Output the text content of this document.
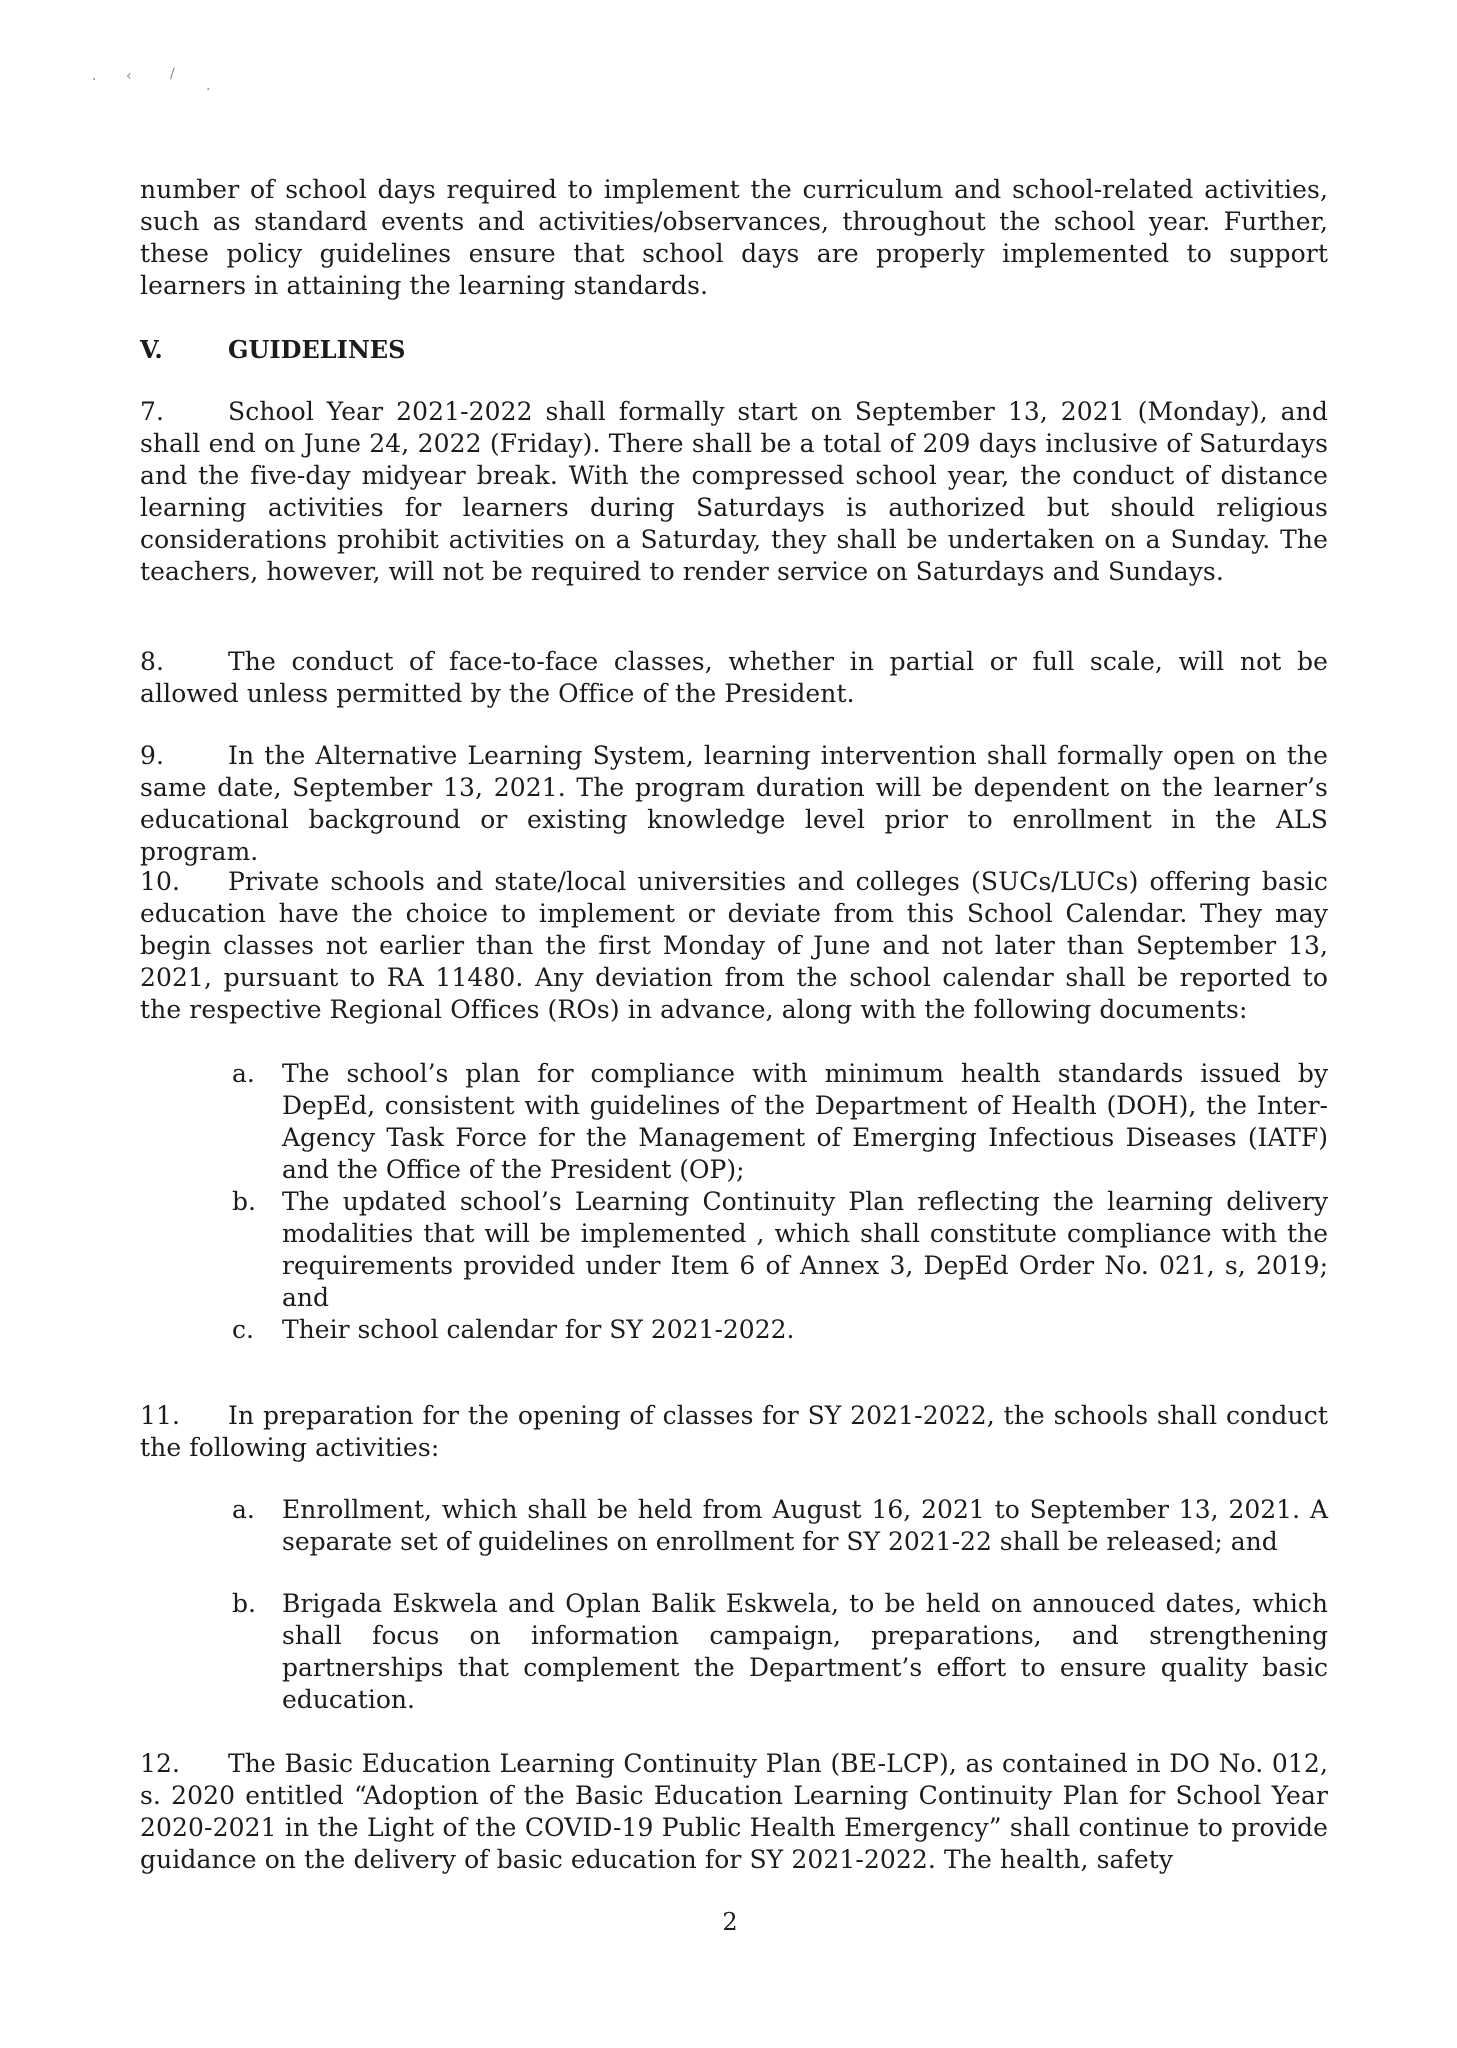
· ‹	/
.

number of school days required to implement the curriculum and school-related activities, such as standard events and activities/observances, throughout the school year. Further, these policy guidelines ensure that school days are properly implemented to support learners in attaining the learning standards.

V.	GUIDELINES

7.	School Year 2021-2022 shall formally start on September 13, 2021 (Monday), and shall end on June 24, 2022 (Friday). There shall be a total of 209 days inclusive of Saturdays and the five-day midyear break. With the compressed school year, the conduct of distance learning activities for learners during Saturdays is authorized but should religious considerations prohibit activities on a Saturday, they shall be undertaken on a Sunday. The teachers, however, will not be required to render service on Saturdays and Sundays.

8.	The conduct of face-to-face classes, whether in partial or full scale, will not be allowed unless permitted by the Office of the President.

9.	In the Alternative Learning System, learning intervention shall formally open on the same date, September 13, 2021. The program duration will be dependent on the learner’s educational background or existing knowledge level prior to enrollment in the ALS program.

10. Private schools and state/local universities and colleges (SUCs/LUCs) offering basic education have the choice to implement or deviate from this School Calendar. They may begin classes not earlier than the first Monday of June and not later than September 13, 2021, pursuant to RA 11480. Any deviation from the school calendar shall be reported to the respective Regional Offices (ROs) in advance, along with the following documents:

a. The school’s plan for compliance with minimum health standards issued by DepEd, consistent with guidelines of the Department of Health (DOH), the Inter-Agency Task Force for the Management of Emerging Infectious Diseases (IATF) and the Office of the President (OP);
b. The updated school’s Learning Continuity Plan reflecting the learning delivery modalities that will be implemented , which shall constitute compliance with the requirements provided under Item 6 of Annex 3, DepEd Order No. 021, s, 2019; and
c. Their school calendar for SY 2021-2022.

11. In preparation for the opening of classes for SY 2021-2022, the schools shall conduct the following activities:

a. Enrollment, which shall be held from August 16, 2021 to September 13, 2021. A separate set of guidelines on enrollment for SY 2021-22 shall be released; and
b. Brigada Eskwela and Oplan Balik Eskwela, to be held on annouced dates, which shall focus on information campaign, preparations, and strengthening partnerships that complement the Department’s effort to ensure quality basic education.

12. The Basic Education Learning Continuity Plan (BE-LCP), as contained in DO No. 012, s. 2020 entitled “Adoption of the Basic Education Learning Continuity Plan for School Year 2020-2021 in the Light of the COVID-19 Public Health Emergency” shall continue to provide guidance on the delivery of basic education for SY 2021-2022. The health, safety

2
